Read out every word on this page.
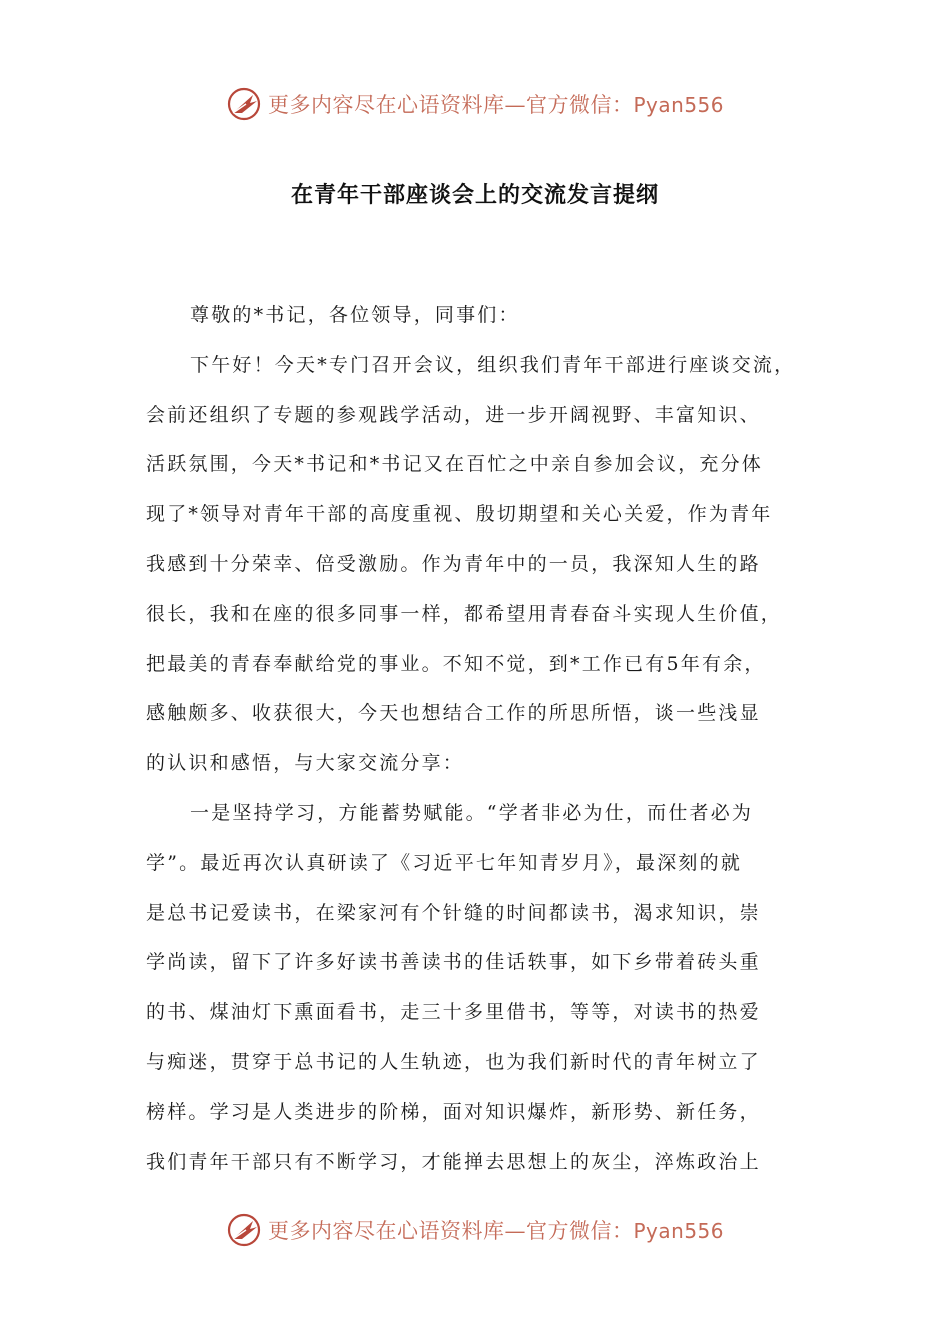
更多内容尽在心语资料库—官方微信：Pyan556
在青年干部座谈会上的交流发言提纲
尊敬的*书记，各位领导，同事们：
下午好！今天*专门召开会议，组织我们青年干部进行座谈交流，
会前还组织了专题的参观践学活动，进一步开阔视野、丰富知识、
活跃氛围，今天*书记和*书记又在百忙之中亲自参加会议，充分体
现了*领导对青年干部的高度重视、殷切期望和关心关爱，作为青年
我感到十分荣幸、倍受激励。作为青年中的一员，我深知人生的路
很长，我和在座的很多同事一样，都希望用青春奋斗实现人生价值，
把最美的青春奉献给党的事业。不知不觉，到*工作已有5年有余，
感触颇多、收获很大，今天也想结合工作的所思所悟，谈一些浅显
的认识和感悟，与大家交流分享：
一是坚持学习，方能蓄势赋能。“学者非必为仕，而仕者必为
学”。最近再次认真研读了《习近平七年知青岁月》，最深刻的就
是总书记爱读书，在梁家河有个针缝的时间都读书，渴求知识，崇
学尚读，留下了许多好读书善读书的佳话轶事，如下乡带着砖头重
的书、煤油灯下熏面看书，走三十多里借书，等等，对读书的热爱
与痴迷，贯穿于总书记的人生轨迹，也为我们新时代的青年树立了
榜样。学习是人类进步的阶梯，面对知识爆炸，新形势、新任务，
我们青年干部只有不断学习，才能掸去思想上的灰尘，淬炼政治上
更多内容尽在心语资料库—官方微信：Pyan556
